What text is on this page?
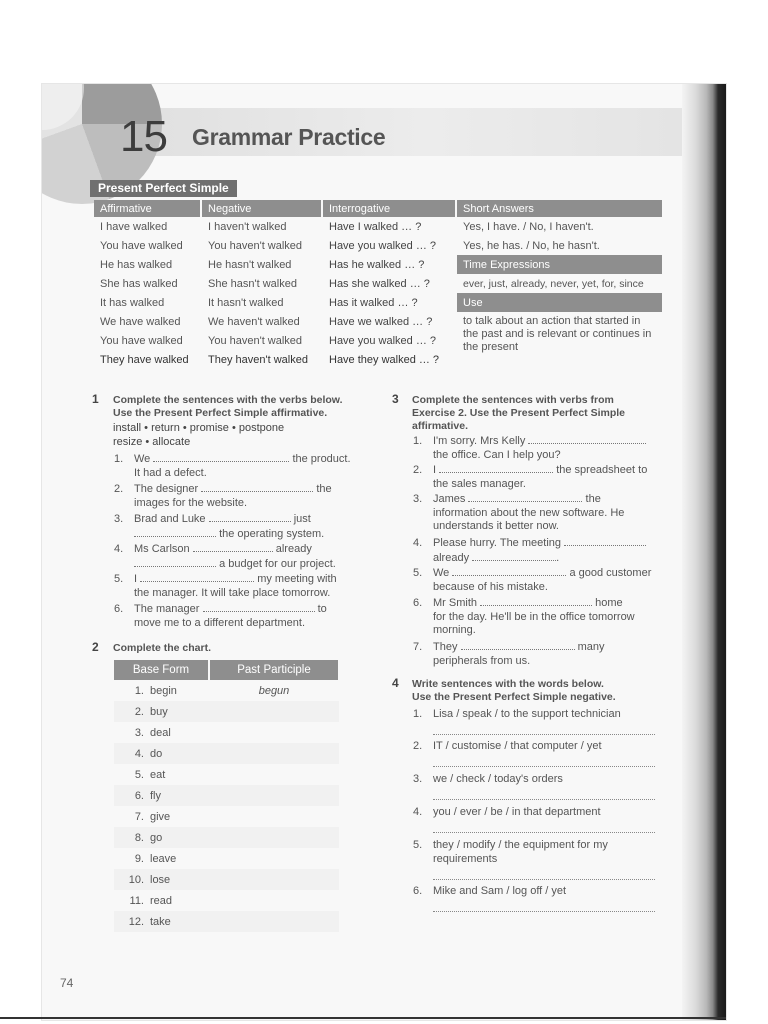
15 Grammar Practice
Present Perfect Simple
Affirmative	Negative	Interrogative	Short Answers
I have walked	I haven't walked	Have I walked … ?	Yes, I have. / No, I haven't.
You have walked	You haven't walked	Have you walked … ?	Yes, he has. / No, he hasn't.
He has walked	He hasn't walked	Has he walked … ?	Time Expressions
She has walked	She hasn't walked	Has she walked … ?	ever, just, already, never, yet, for, since
It has walked	It hasn't walked	Has it walked … ?	Use
We have walked	We haven't walked	Have we walked … ?	to talk about an action that started in the past and is relevant or continues in the present
You have walked	You haven't walked	Have you walked … ?	
They have walked	They haven't walked	Have they walked … ?	
1 Complete the sentences with the verbs below.
Use the Present Perfect Simple affirmative.
install • return • promise • postpone
resize • allocate
1. We	the product.
It had a defect.
2. The designer	the
images for the website.
3. Brad and Luke	just
the operating system.
4. Ms Carlson	already
a budget for our project.
5. I	my meeting with
the manager. It will take place tomorrow.
6. The manager	to
move me to a different department.
2 Complete the chart.
Base Form	Past Participle
1. begin	begun
2. buy	
3. deal	
4. do	
5. eat	
6. fly	
7. give	
8. go	
9. leave	
10. lose	
11. read	
12. take	
3 Complete the sentences with verbs from
Exercise 2. Use the Present Perfect Simple
affirmative.
1. I'm sorry. Mrs Kelly
the office. Can I help you?
2. I	the spreadsheet to
the sales manager.
3. James	the
information about the new software. He
understands it better now.
4. Please hurry. The meeting
already	.
5. We	a good customer
because of his mistake.
6. Mr Smith	home
for the day. He'll be in the office tomorrow
morning.
7. They	many
peripherals from us.
4 Write sentences with the words below.
Use the Present Perfect Simple negative.
1. Lisa / speak / to the support technician
2. IT / customise / that computer / yet
3. we / check / today's orders
4. you / ever / be / in that department
5. they / modify / the equipment for my
requirements
6. Mike and Sam / log off / yet
74
